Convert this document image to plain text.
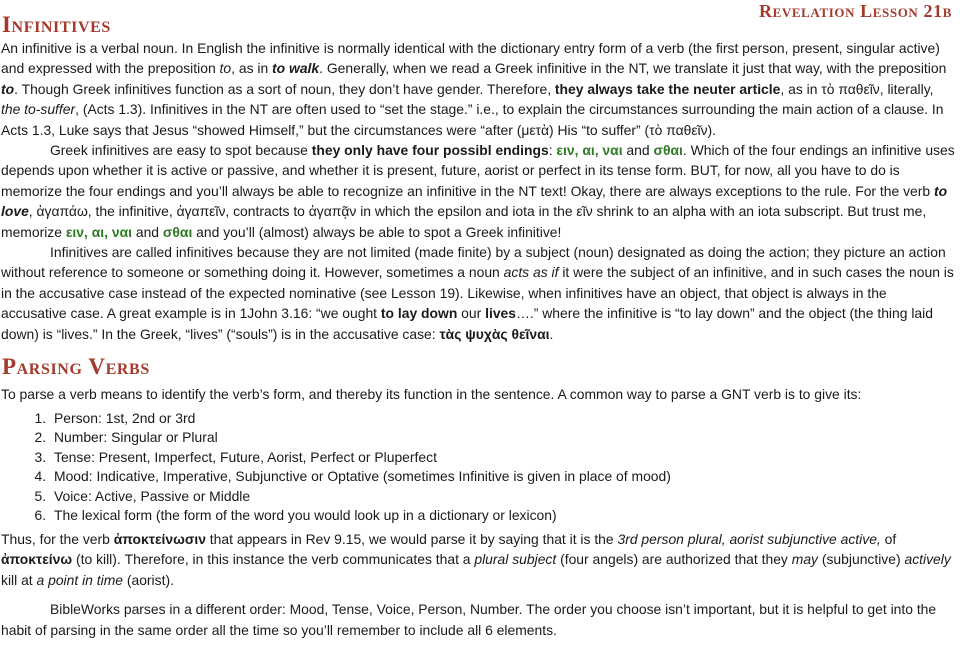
Infinitives
Revelation Lesson 21b

An infinitive is a verbal noun. In English the infinitive is normally identical with the dictionary entry form of a verb (the first person, present, singular active) and expressed with the preposition to, as in to walk. Generally, when we read a Greek infinitive in the NT, we translate it just that way, with the preposition to. Though Greek infinitives function as a sort of noun, they don’t have gender. Therefore, they always take the neuter article, as in τὸ παθεῖν, literally, the to-suffer, (Acts 1.3). Infinitives in the NT are often used to “set the stage.” i.e., to explain the circumstances surrounding the main action of a clause. In Acts 1.3, Luke says that Jesus “showed Himself,” but the circumstances were “after (μετὰ) His “to suffer” (τὸ παθεῖν).

Greek infinitives are easy to spot because they only have four possibl endings: ειν, αι, ναι and σθαι. Which of the four endings an infinitive uses depends upon whether it is active or passive, and whether it is present, future, aorist or perfect in its tense form. BUT, for now, all you have to do is memorize the four endings and you’ll always be able to recognize an infinitive in the NT text! Okay, there are always exceptions to the rule. For the verb to love, ἀγαπάω, the infinitive, ἀγαπεῖν, contracts to ἀγαπᾷν in which the epsilon and iota in the εῖν shrink to an alpha with an iota subscript. But trust me, memorize ειν, αι, ναι and σθαι and you’ll (almost) always be able to spot a Greek infinitive!

Infinitives are called infinitives because they are not limited (made finite) by a subject (noun) designated as doing the action; they picture an action without reference to someone or something doing it. However, sometimes a noun acts as if it were the subject of an infinitive, and in such cases the noun is in the accusative case instead of the expected nominative (see Lesson 19). Likewise, when infinitives have an object, that object is always in the accusative case. A great example is in 1John 3.16: “we ought to lay down our lives….” where the infinitive is “to lay down” and the object (the thing laid down) is “lives.” In the Greek, “lives” (“souls”) is in the accusative case: τὰς ψυχὰς θεῖναι.

Parsing Verbs

To parse a verb means to identify the verb’s form, and thereby its function in the sentence. A common way to parse a GNT verb is to give its:

1. Person: 1st, 2nd or 3rd
2. Number: Singular or Plural
3. Tense: Present, Imperfect, Future, Aorist, Perfect or Pluperfect
4. Mood: Indicative, Imperative, Subjunctive or Optative (sometimes Infinitive is given in place of mood)
5. Voice: Active, Passive or Middle
6. The lexical form (the form of the word you would look up in a dictionary or lexicon)

Thus, for the verb ἀποκτείνωσιν that appears in Rev 9.15, we would parse it by saying that it is the 3rd person plural, aorist subjunctive active, of ἀποκτείνω (to kill). Therefore, in this instance the verb communicates that a plural subject (four angels) are authorized that they may (subjunctive) actively kill at a point in time (aorist).

BibleWorks parses in a different order: Mood, Tense, Voice, Person, Number. The order you choose isn’t important, but it is helpful to get into the habit of parsing in the same order all the time so you’ll remember to include all 6 elements.
